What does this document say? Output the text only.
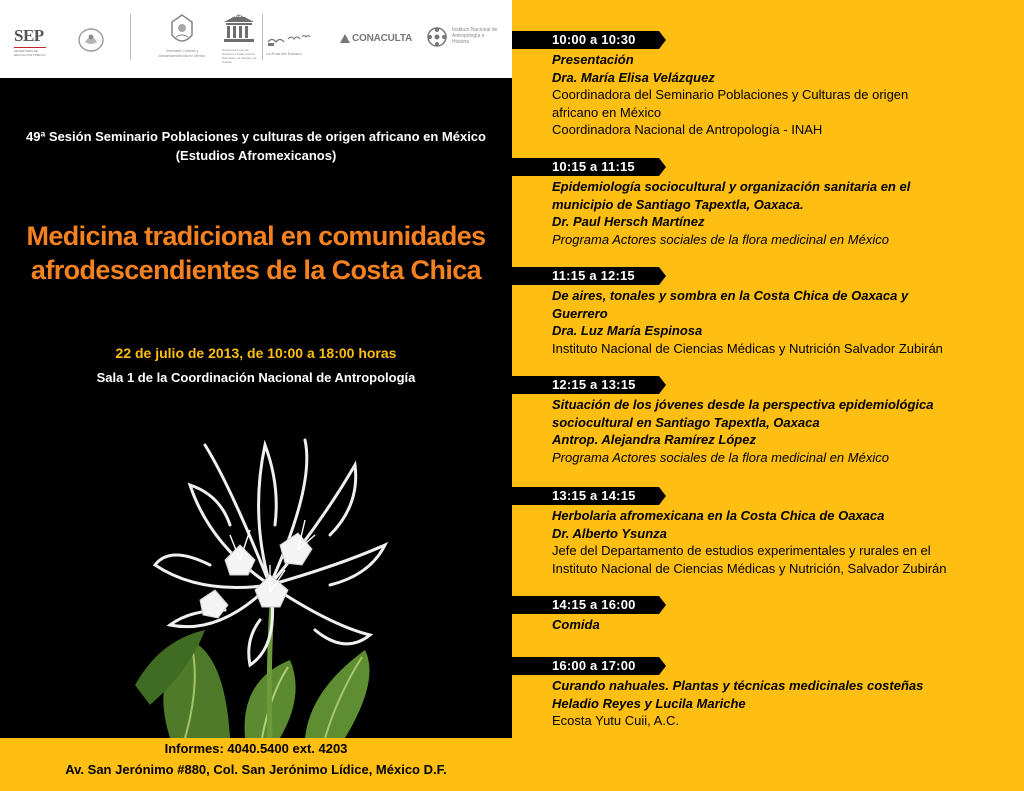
SEP
SECRETARÍA DE EDUCACIÓN PÚBLICA
Seminario Culturas y Afrodescendencias en México
UNESCO
Organización de las Naciones Unidas para la Educación, la Ciencia y la Cultura
La Ruta del Esclavo
CONACULTA
Instituto Nacional de Antropología e Historia
49ª Sesión Seminario Poblaciones y culturas de origen africano en México
(Estudios Afromexicanos)
Medicina tradicional en comunidades
afrodescendientes de la Costa Chica
22 de julio de 2013, de 10:00 a 18:00 horas
Sala 1 de la Coordinación Nacional de Antropología
Informes: 4040.5400 ext. 4203
Av. San Jerónimo #880, Col. San Jerónimo Lídice, México D.F.
10:00 a 10:30
Presentación
Dra. María Elisa Velázquez
Coordinadora del Seminario Poblaciones y Culturas de origen
africano en México
Coordinadora Nacional de Antropología - INAH
10:15 a 11:15
Epidemiología sociocultural y organización sanitaria en el
municipio de Santiago Tapextla, Oaxaca.
Dr. Paul Hersch Martínez
Programa Actores sociales de la flora medicinal en México
11:15 a 12:15
De aires, tonales y sombra en la Costa Chica de Oaxaca y
Guerrero
Dra. Luz María Espinosa
Instituto Nacional de Ciencias Médicas y Nutrición Salvador Zubirán
12:15 a 13:15
Situación de los jóvenes desde la perspectiva epidemiológica
sociocultural en Santiago Tapextla, Oaxaca
Antrop. Alejandra Ramírez López
Programa Actores sociales de la flora medicinal en México
13:15 a 14:15
Herbolaria afromexicana en la Costa Chica de Oaxaca
Dr. Alberto Ysunza
Jefe del Departamento de estudios experimentales y rurales en el
Instituto Nacional de Ciencias Médicas y Nutrición, Salvador Zubirán
14:15 a 16:00
Comida
16:00 a 17:00
Curando nahuales. Plantas y técnicas medicinales costeñas
Heladio Reyes y Lucila Mariche
Ecosta Yutu Cuii, A.C.
